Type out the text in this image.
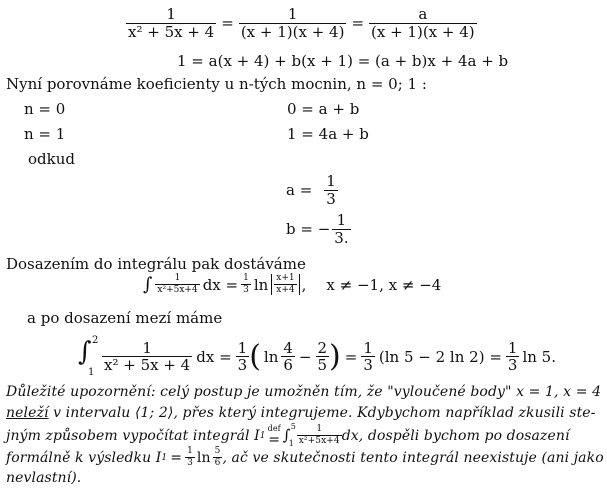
$\frac{1}{\text{x² + 5x + 4}} = \frac{1}{(x + 1)(x + 4)} = \frac{a}{(x + 1)(x + 4)}$
1 = a(x + 4) + b(x + 1) = (a + b)x + 4a + b
Nyní porovnáme koeficienty u n-tých mocnin, n = 0; 1 :
n = 0	0 = a + b
n = 1	1 = 4a + b
odkud
$a = \frac{1}{3}$
b = − $\frac{1}{3.}$
Dosazením do integrálu pak dostáváme
∫ $\frac{1}{\text{x²+5x+4}}$ dx = $\frac{1}{3}$ $\ln \frac{x+1}{x+4}$ ,	x ≠ −1, x ≠ −4
a po dosazení mezí máme
∫ 2
$1 \frac{1}{\text{x² + 5x + 4}}$ dx = $\frac{1}{3}$ ( $\ln \frac{4}{6} - \frac{2}{5}$ ) = $\frac{1}{3} (\ln$ 5 − 2 $\ln 2) = \frac{1}{3}$ ln 5.
Důležité upozornění: celý postup je umožněn tím, že "vyloučené body" x = 1, x = 4
neleží v intervalu ⟨1; 2⟩, přes který integrujeme. Kdybychom například zkusili ste-
jným způsobem vypočítat integrál I 1
def
= ∫ 5
$1 \frac{1}{\text{x²+5x+4}}$ dx, dospěli bychom po dosazení
formálně k výsledku I $1 = \frac{1}{3}$ $\ln \frac{5}{6}$ , ač ve skutečnosti tento integrál neexistuje (ani jako
nevlastní).
